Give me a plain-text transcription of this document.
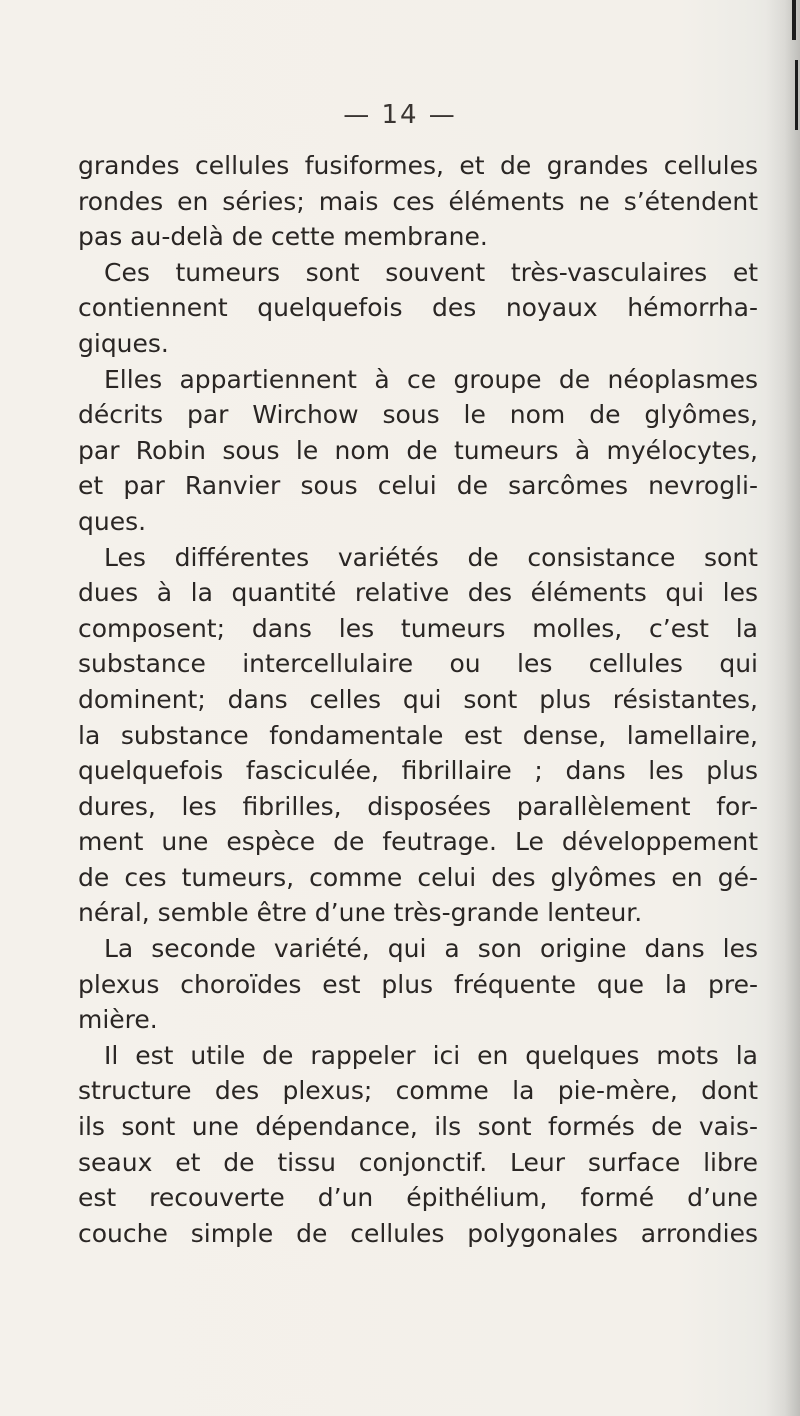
— 14 —
grandes cellules fusiformes, et de grandes cellules
rondes en séries; mais ces éléments ne s’étendent
pas au-delà de cette membrane.
Ces tumeurs sont souvent très-vasculaires et
contiennent quelquefois des noyaux hémorrha-
giques.
Elles appartiennent à ce groupe de néoplasmes
décrits par Wirchow sous le nom de glyômes,
par Robin sous le nom de tumeurs à myélocytes,
et par Ranvier sous celui de sarcômes nevrogli-
ques.
Les différentes variétés de consistance sont
dues à la quantité relative des éléments qui les
composent; dans les tumeurs molles, c’est la
substance intercellulaire ou les cellules qui
dominent; dans celles qui sont plus résistantes,
la substance fondamentale est dense, lamellaire,
quelquefois fasciculée, fibrillaire ; dans les plus
dures, les fibrilles, disposées parallèlement for-
ment une espèce de feutrage. Le développement
de ces tumeurs, comme celui des glyômes en gé-
néral, semble être d’une très-grande lenteur.
La seconde variété, qui a son origine dans les
plexus choroïdes est plus fréquente que la pre-
mière.
Il est utile de rappeler ici en quelques mots la
structure des plexus; comme la pie-mère, dont
ils sont une dépendance, ils sont formés de vais-
seaux et de tissu conjonctif. Leur surface libre
est recouverte d’un épithélium, formé d’une
couche simple de cellules polygonales arrondies
